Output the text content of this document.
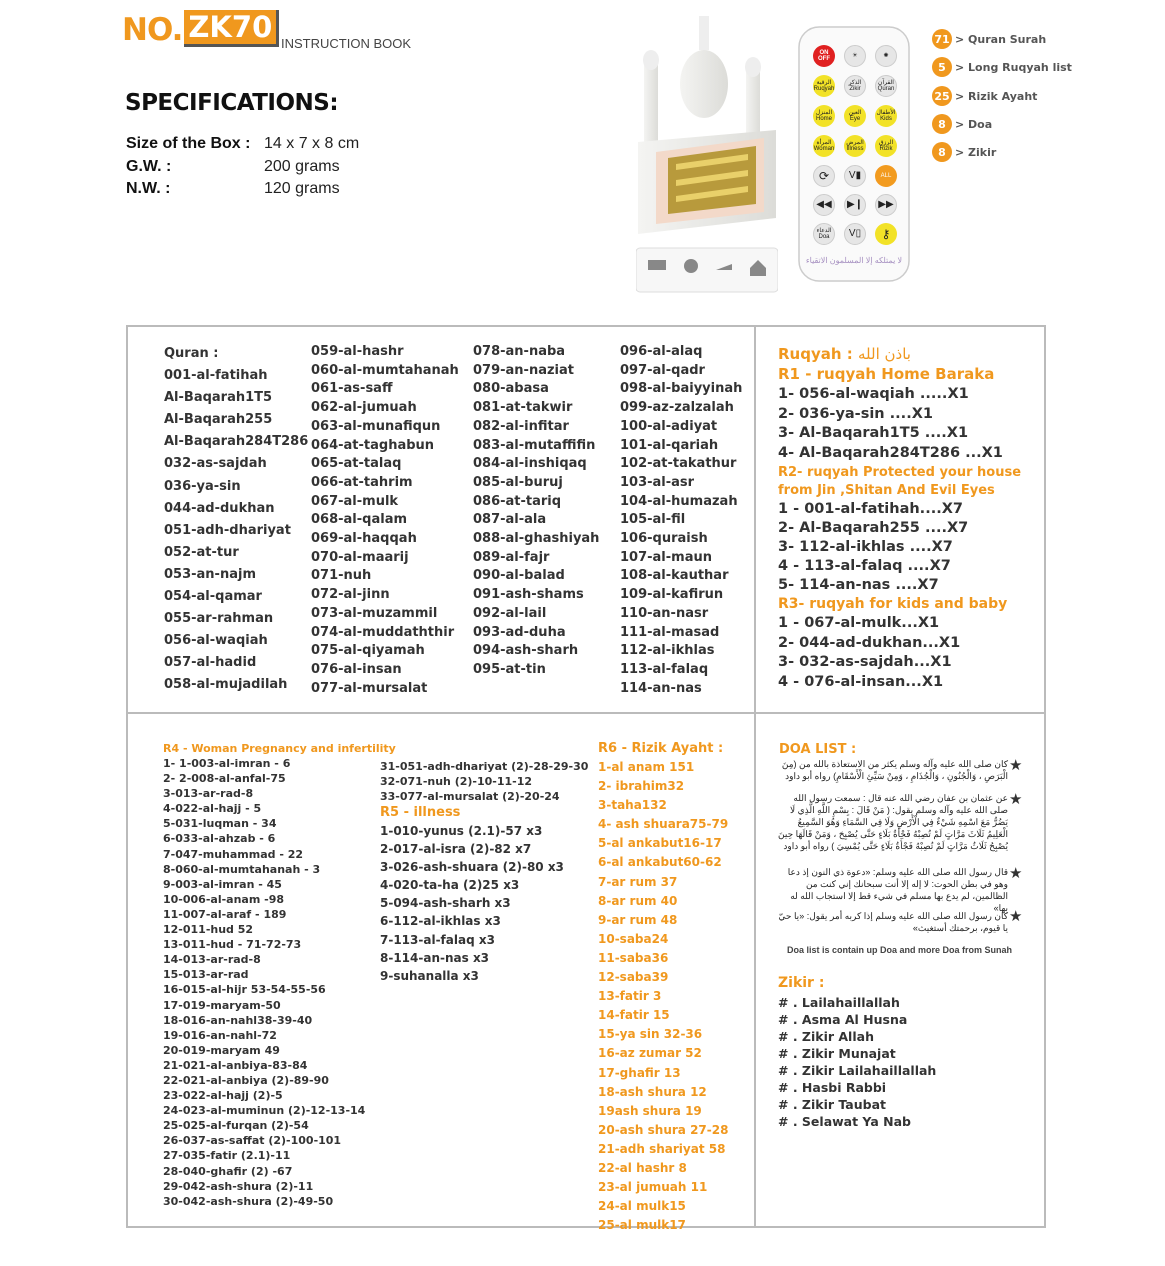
NO. ZK70 INSTRUCTION BOOK
SPECIFICATIONS:
Size of the Box : 14 x 7 x 8 cm
G.W. :	200 grams
N.W. :	120 grams
ON OFF	☀	✺
الرقية Ruqyah
الذكر Zikir
القرآن Quran
المنزل Home
العين Eye
الأطفال Kids
المرأة Woman
المرض Illness
الرزق Rizik
⟳ V▮	ALL
◀◀ ▶❙ ▶▶
الدعاء Doa	V▯ ⚷
لا يمتلكه إلا المسلمون الاتقياء
71 > Quran Surah
5 > Long Ruqyah list
25 > Rizik Ayaht
8 > Doa
8 > Zikir
Quran :
001-al-fatihah
Al-Baqarah1T5
Al-Baqarah255
Al-Baqarah284T286
032-as-sajdah
036-ya-sin
044-ad-dukhan
051-adh-dhariyat
052-at-tur
053-an-najm
054-al-qamar
055-ar-rahman
056-al-waqiah
057-al-hadid
058-al-mujadilah
059-al-hashr
060-al-mumtahanah
061-as-saff
062-al-jumuah
063-al-munafiqun
064-at-taghabun
065-at-talaq
066-at-tahrim
067-al-mulk
068-al-qalam
069-al-haqqah
070-al-maarij
071-nuh
072-al-jinn
073-al-muzammil
074-al-muddaththir
075-al-qiyamah
076-al-insan
077-al-mursalat
078-an-naba
079-an-naziat
080-abasa
081-at-takwir
082-al-infitar
083-al-mutaffifin
084-al-inshiqaq
085-al-buruj
086-at-tariq
087-al-ala
088-al-ghashiyah
089-al-fajr
090-al-balad
091-ash-shams
092-al-lail
093-ad-duha
094-ash-sharh
095-at-tin
096-al-alaq
097-al-qadr
098-al-baiyyinah
099-az-zalzalah
100-al-adiyat
101-al-qariah
102-at-takathur
103-al-asr
104-al-humazah
105-al-fil
106-quraish
107-al-maun
108-al-kauthar
109-al-kafirun
110-an-nasr
111-al-masad
112-al-ikhlas
113-al-falaq
114-an-nas
Ruqyah : باذن الله
R1 - ruqyah Home Baraka
1- 056-al-waqiah .....X1
2- 036-ya-sin ....X1
3- Al-Baqarah1T5 ....X1
4- Al-Baqarah284T286 ...X1
R2- ruqyah Protected your house
from Jin ,Shitan And Evil Eyes
1 - 001-al-fatihah....X7
2- Al-Baqarah255 ....X7
3- 112-al-ikhlas ....X7
4 - 113-al-falaq ....X7
5- 114-an-nas ....X7
R3- ruqyah for kids and baby
1 - 067-al-mulk...X1
2- 044-ad-dukhan...X1
3- 032-as-sajdah...X1
4 - 076-al-insan...X1
R4 - Woman Pregnancy and infertility
1- 1-003-al-imran - 6
2- 2-008-al-anfal-75
3-013-ar-rad-8
4-022-al-hajj - 5
5-031-luqman - 34
6-033-al-ahzab - 6
7-047-muhammad - 22
8-060-al-mumtahanah - 3
9-003-al-imran - 45
10-006-al-anam -98
11-007-al-araf - 189
12-011-hud 52
13-011-hud - 71-72-73
14-013-ar-rad-8
15-013-ar-rad
16-015-al-hijr 53-54-55-56
17-019-maryam-50
18-016-an-nahl38-39-40
19-016-an-nahl-72
20-019-maryam 49
21-021-al-anbiya-83-84
22-021-al-anbiya (2)-89-90
23-022-al-hajj (2)-5
24-023-al-muminun (2)-12-13-14
25-025-al-furqan (2)-54
26-037-as-saffat (2)-100-101
27-035-fatir (2.1)-11
28-040-ghafir (2) -67
29-042-ash-shura (2)-11
30-042-ash-shura (2)-49-50
31-051-adh-dhariyat (2)-28-29-30
32-071-nuh (2)-10-11-12
33-077-al-mursalat (2)-20-24
R5 - illness
1-010-yunus (2.1)-57 x3
2-017-al-isra (2)-82 x7
3-026-ash-shuara (2)-80 x3
4-020-ta-ha (2)25 x3
5-094-ash-sharh x3
6-112-al-ikhlas x3
7-113-al-falaq x3
8-114-an-nas x3
9-suhanalla x3
R6 - Rizik Ayaht :
1-al anam 151
2- ibrahim32
3-taha132
4- ash shuara75-79
5-al ankabut16-17
6-al ankabut60-62
7-ar rum 37
8-ar rum 40
9-ar rum 48
10-saba24
11-saba36
12-saba39
13-fatir 3
14-fatir 15
15-ya sin 32-36
16-az zumar 52
17-ghafir 13
18-ash shura 12
19ash shura 19
20-ash shura 27-28
21-adh shariyat 58
22-al hashr 8
23-al jumuah 11
24-al mulk15
25-al mulk17
DOA LIST :
★
كان صلى الله عليه وآله وسلم يكثر من الاستعاذة بالله من (مِنَ الْبَرَصِ ، وَالْجُنُونِ ، وَالْجُذَامِ ، وَمِنْ سَيِّئِ الْأَسْقَامِ) رواه أبو داود
★
عن عثمان بن عفان رضي الله عنه قال : سمعت رسول الله صلى الله عليه وآله وسلم يقول: ( مَنْ قَالَ : بِسْمِ اللَّهِ الَّذِي لَا يَضُرُّ مَعَ اسْمِهِ شَيْءٌ فِي الْأَرْضِ وَلَا فِي السَّمَاءِ وَهُوَ السَّمِيعُ الْعَلِيمُ ثَلَاثَ مَرَّاتٍ لَمْ تُصِبْهُ فَجْأَةُ بَلَاءٍ حَتَّى يُصْبِحَ ، وَمَنْ قَالَهَا حِينَ يُصْبِحُ ثَلَاثُ مَرَّاتٍ لَمْ تُصِبْهُ فَجْأَةُ بَلَاءٍ حَتَّى يُمْسِيَ ) رواه أبو داود
★
قال رسول الله صلى الله عليه وسلم: «دعوة ذي النون إذ دعا وهو في بطن الحوت: لا إله إلا أنت سبحانك إني كنت من الظالمين، لم يدع بها مسلم في شيء قط إلا استجاب الله له بها» ★
كان رسول الله صلى الله عليه وسلم إذا كربه أمر يقول: «يا حيّ يا قيوم، برحمتك أستغيث»
Doa list is contain up Doa and more Doa from Sunah
Zikir :
# . Lailahaillallah
# . Asma Al Husna
# . Zikir Allah
# . Zikir Munajat
# . Zikir Lailahaillallah
# . Hasbi Rabbi
# . Zikir Taubat
# . Selawat Ya Nab
